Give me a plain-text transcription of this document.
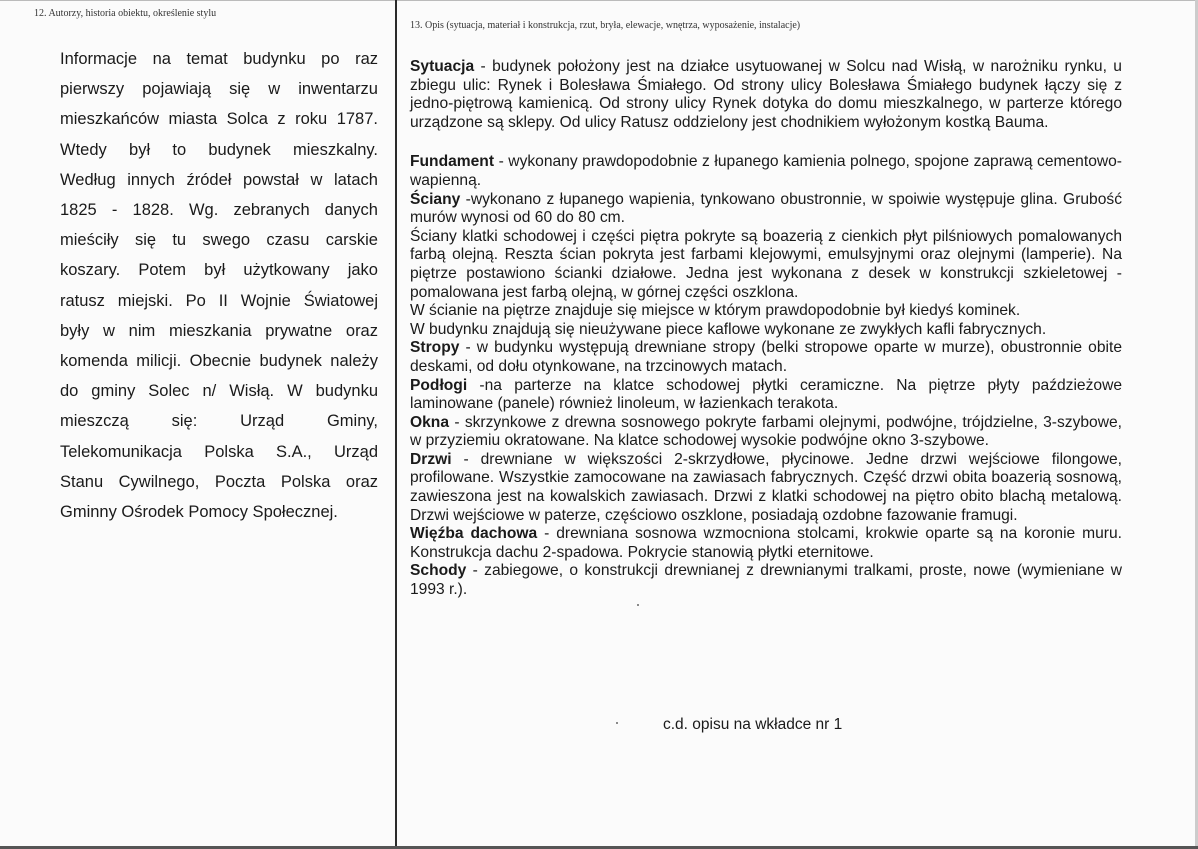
12. Autorzy, historia obiektu, określenie stylu
13. Opis (sytuacja, materiał i konstrukcja, rzut, bryła, elewacje, wnętrza, wyposażenie, instalacje)
Informacje na temat budynku po raz
pierwszy pojawiają się w inwentarzu
mieszkańców miasta Solca z roku 1787.
Wtedy był to budynek mieszkalny.
Według innych źródeł powstał w latach
1825 - 1828. Wg. zebranych danych
mieściły się tu swego czasu carskie
koszary. Potem był użytkowany jako
ratusz miejski. Po II Wojnie Światowej
były w nim mieszkania prywatne oraz
komenda milicji. Obecnie budynek należy
do gminy Solec n/ Wisłą. W budynku
mieszczą się: Urząd Gminy,
Telekomunikacja Polska S.A., Urząd
Stanu Cywilnego, Poczta Polska oraz
Gminny Ośrodek Pomocy Społecznej.

Sytuacja - budynek położony jest na działce usytuowanej w Solcu nad Wisłą, w narożniku rynku, u zbiegu ulic: Rynek i Bolesława Śmiałego. Od strony ulicy Bolesława Śmiałego budynek łączy się z jedno-piętrową kamienicą. Od strony ulicy Rynek dotyka do domu mieszkalnego, w parterze którego urządzone są sklepy. Od ulicy Ratusz oddzielony jest chodnikiem wyłożonym kostką Bauma.

Fundament - wykonany prawdopodobnie z łupanego kamienia polnego, spojone zaprawą cementowo-wapienną.

Ściany -wykonano z łupanego wapienia, tynkowano obustronnie, w spoiwie występuje glina. Grubość murów wynosi od 60 do 80 cm.

Ściany klatki schodowej i części piętra pokryte są boazerią z cienkich płyt pilśniowych pomalowanych farbą olejną. Reszta ścian pokryta jest farbami klejowymi, emulsyjnymi oraz olejnymi (lamperie). Na piętrze postawiono ścianki działowe. Jedna jest wykonana z desek w konstrukcji szkieletowej -pomalowana jest farbą olejną, w górnej części oszklona.

W ścianie na piętrze znajduje się miejsce w którym prawdopodobnie był kiedyś kominek.

W budynku znajdują się nieużywane piece kaflowe wykonane ze zwykłych kafli fabrycznych.

Stropy - w budynku występują drewniane stropy (belki stropowe oparte w murze), obustronnie obite deskami, od dołu otynkowane, na trzcinowych matach.

Podłogi -na parterze na klatce schodowej płytki ceramiczne. Na piętrze płyty paździeżowe laminowane (panele) również linoleum, w łazienkach terakota.

Okna - skrzynkowe z drewna sosnowego pokryte farbami olejnymi, podwójne, trójdzielne, 3-szybowe, w przyziemiu okratowane. Na klatce schodowej wysokie podwójne okno 3-szybowe.

Drzwi - drewniane w większości 2-skrzydłowe, płycinowe. Jedne drzwi wejściowe filongowe, profilowane. Wszystkie zamocowane na zawiasach fabrycznych. Część drzwi obita boazerią sosnową, zawieszona jest na kowalskich zawiasach. Drzwi z klatki schodowej na piętro obito blachą metalową. Drzwi wejściowe w paterze, częściowo oszklone, posiadają ozdobne fazowanie framugi.

Więźba dachowa - drewniana sosnowa wzmocniona stolcami, krokwie oparte są na koronie muru. Konstrukcja dachu 2-spadowa. Pokrycie stanowią płytki eternitowe.

Schody - zabiegowe, o konstrukcji drewnianej z drewnianymi tralkami, proste, nowe (wymieniane w 1993 r.).

c.d. opisu na wkładce nr 1
